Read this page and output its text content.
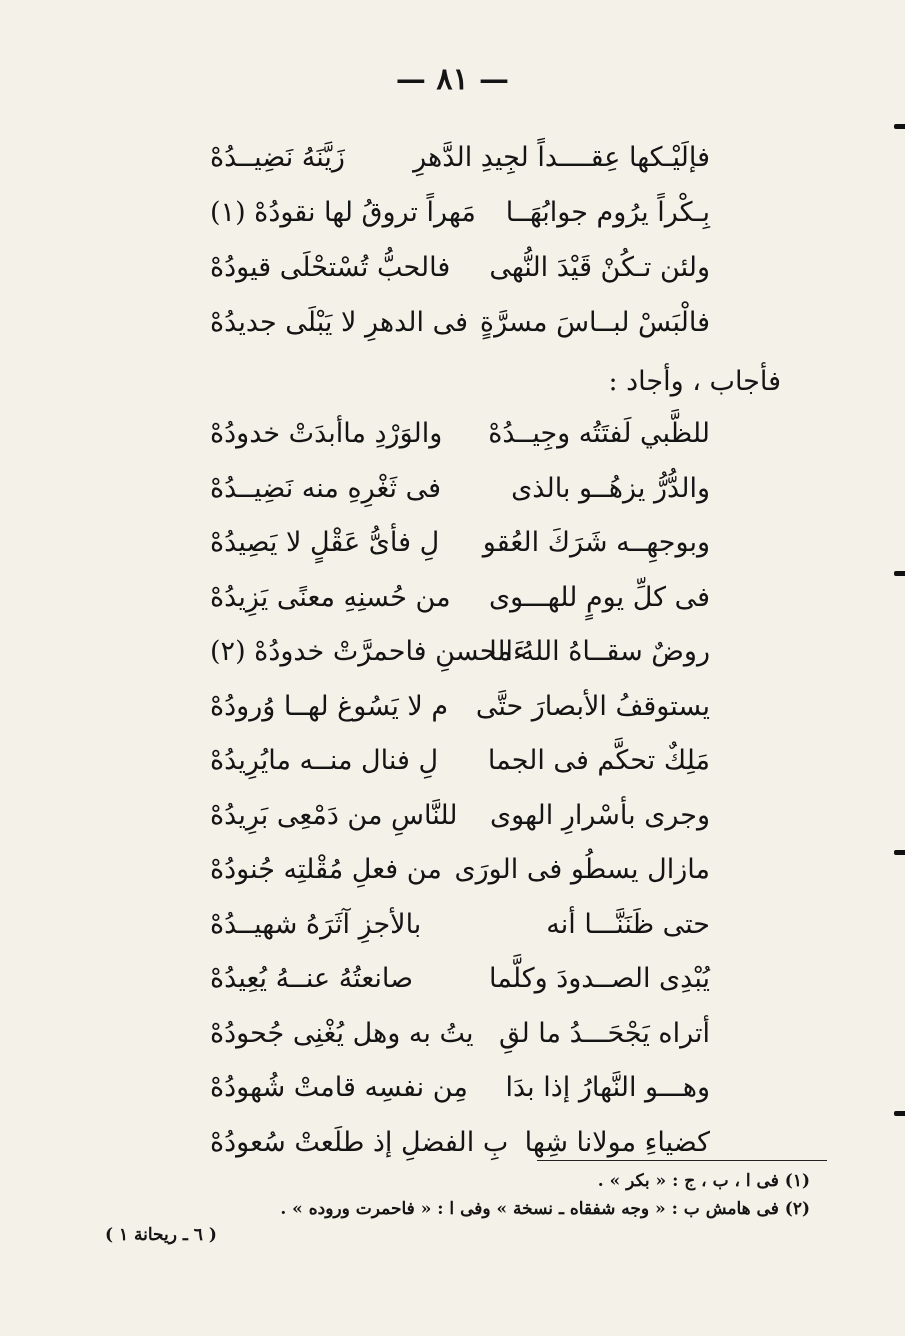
— ٨١ —
فإلَيْـكها عِقــــداً لجِيدِ الدَّهرِ
زَيَّنَهُ نَضِيــدُهْ
بِـكْراً يرُوم جوابُهَــا
مَهراً تروقُ لها نقودُهْ (١)
ولئن تـكُنْ قَيْدَ النُّهى
فالحبُّ تُسْتحْلَى قيودُهْ
فالْبَسْ لبــاسَ مسرَّةٍ
فى الدهرِ لا يَبْلَى جديدُهْ
فأجاب ، وأجاد :
للظَّبي لَفتَتُه وجِيــدُهْ
والوَرْدِ ماأبدَتْ خدودُهْ
والدُّرُّ يزهُــو بالذى
فى ثَغْرِهِ منه نَضِيــدُهْ
وبوجهِــه شَرَكَ العُقو
لِ فأىُّ عَقْلٍ لا يَصِيدُهْ
فى كلِّ يومٍ للهـــوى
من حُسنِهِ معنًى يَزِيدُهْ
روضٌ سقــاهُ اللهُ ما
ءَالحسنِ فاحمرَّتْ خدودُهْ (٢)
يستوقفُ الأبصارَ حتَّى
م لا يَسُوغ لهــا وُرودُهْ
مَلِكٌ تحكَّم فى الجما
لِ فنال منــه مايُرِيدُهْ
وجرى بأسْرارِ الهوى
للنَّاسِ من دَمْعِى بَرِيدُهْ
مازال يسطُو فى الورَى
من فعلِ مُقْلتِه جُنودُهْ
حتى ظَنَنَّـــا أنه
بالأجزِ آثَرَهُ شهيــدُهْ
يُبْدِى الصــدودَ وكلَّما
صانعتُهُ عنــهُ يُعِيدُهْ
أتراه يَجْحَـــدُ ما لقِ
يتُ به وهل يُغْنِى جُحودُهْ
وهـــو النَّهارُ إذا بدَا
مِن نفسِه قامتْ شُهودُهْ
كضياءِ مولانا شِها
بِ الفضلِ إذ طلَعتْ سُعودُهْ
(١) فى ا ، ب ، ج : « بكر » .
(٢) فى هامش ب : « وجه شفقاه ـ نسخة » وفى ا : « فاحمرت وروده » .
( ٦ ـ ريحانة ١ )
